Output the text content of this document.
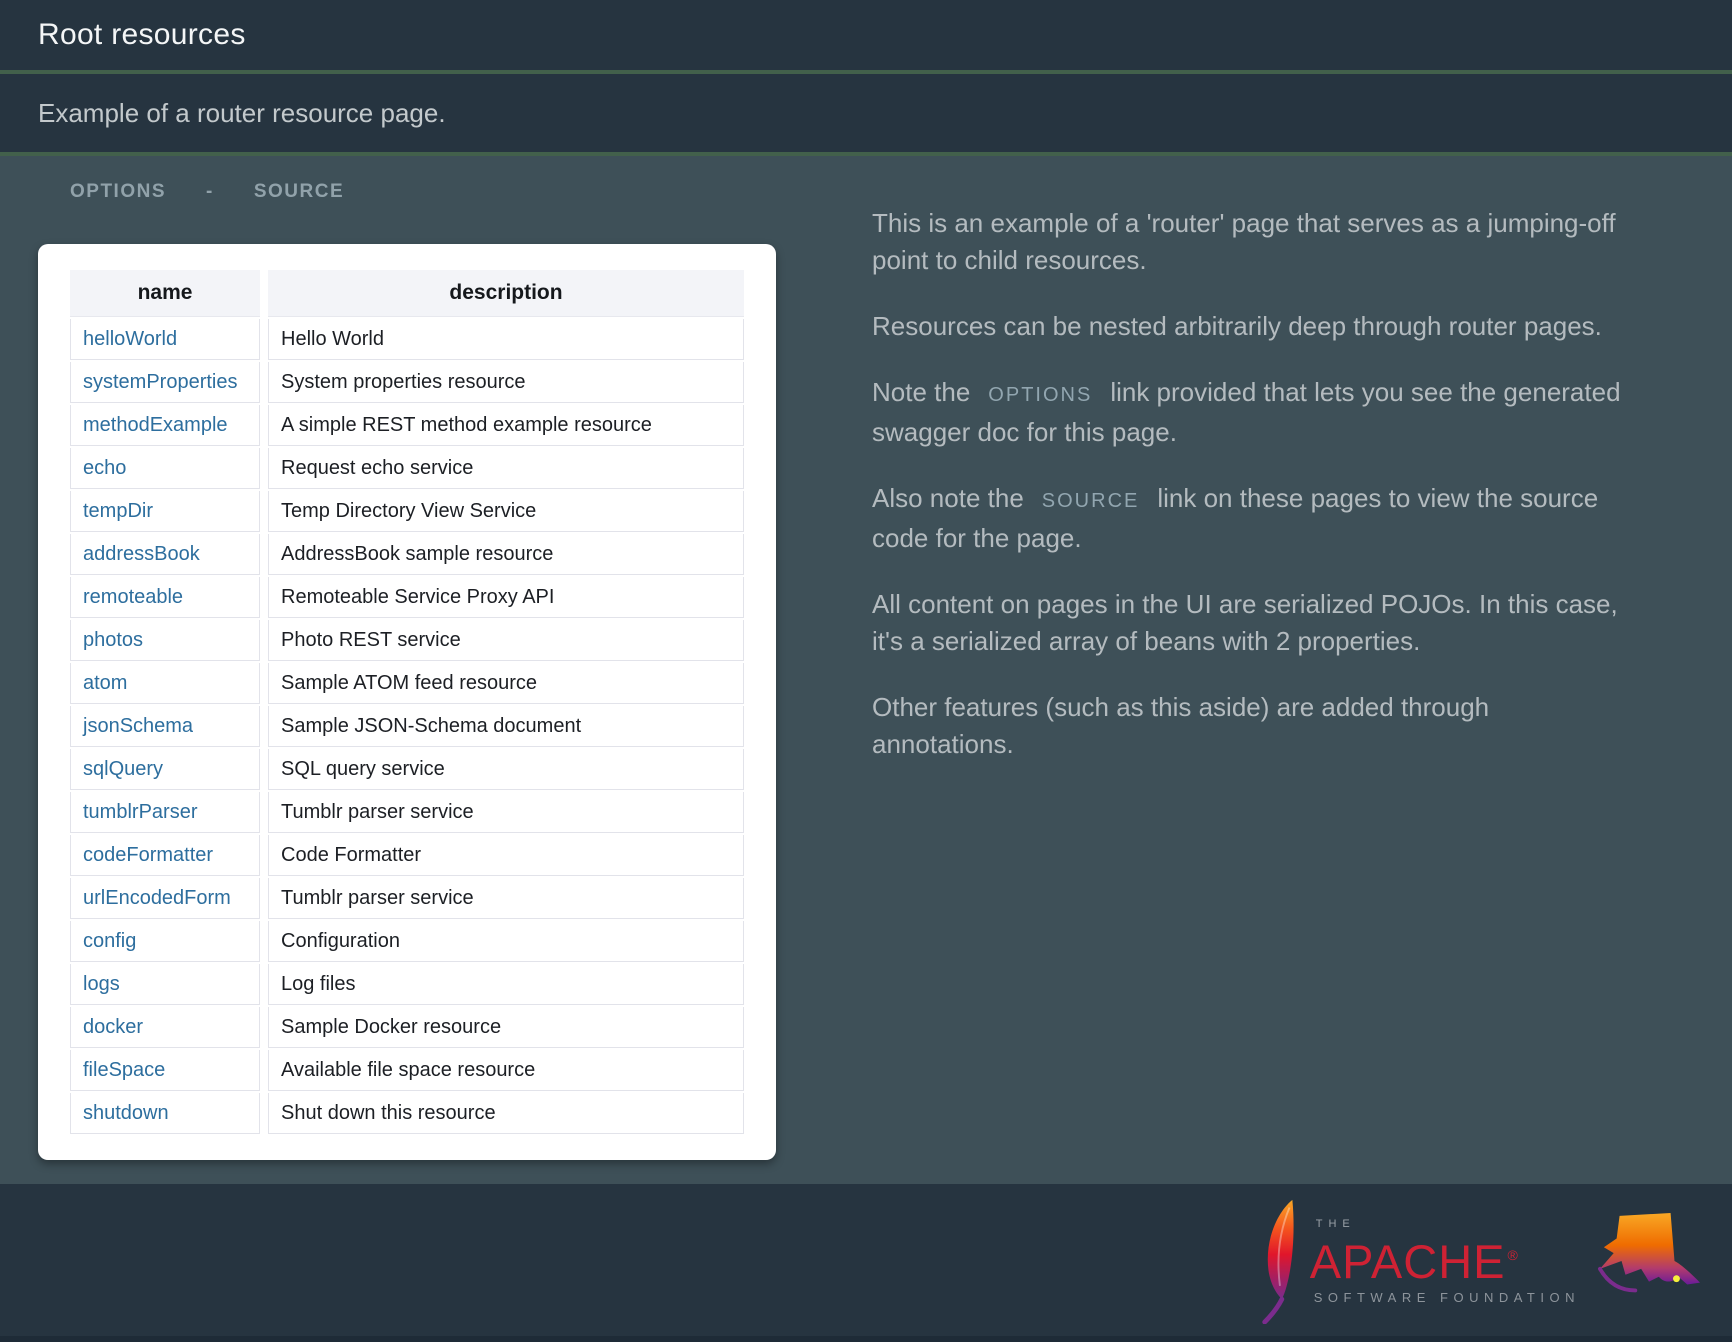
Root resources
Example of a router resource page.
OPTIONS - SOURCE
name	description
helloWorld	Hello World
systemProperties	System properties resource
methodExample	A simple REST method example resource
echo	Request echo service
tempDir	Temp Directory View Service
addressBook	AddressBook sample resource
remoteable	Remoteable Service Proxy API
photos	Photo REST service
atom	Sample ATOM feed resource
jsonSchema	Sample JSON-Schema document
sqlQuery	SQL query service
tumblrParser	Tumblr parser service
codeFormatter	Code Formatter
urlEncodedForm	Tumblr parser service
config	Configuration
logs	Log files
docker	Sample Docker resource
fileSpace	Available file space resource
shutdown	Shut down this resource

This is an example of a 'router' page that serves as a jumping-off point to child resources.

Resources can be nested arbitrarily deep through router pages.

Note the OPTIONS link provided that lets you see the generated swagger doc for this page.

Also note the SOURCE link on these pages to view the source code for the page.

All content on pages in the UI are serialized POJOs. In this case, it's a serialized array of beans with 2 properties.

Other features (such as this aside) are added through annotations.

THE
APACHE ®
SOFTWARE FOUNDATION
